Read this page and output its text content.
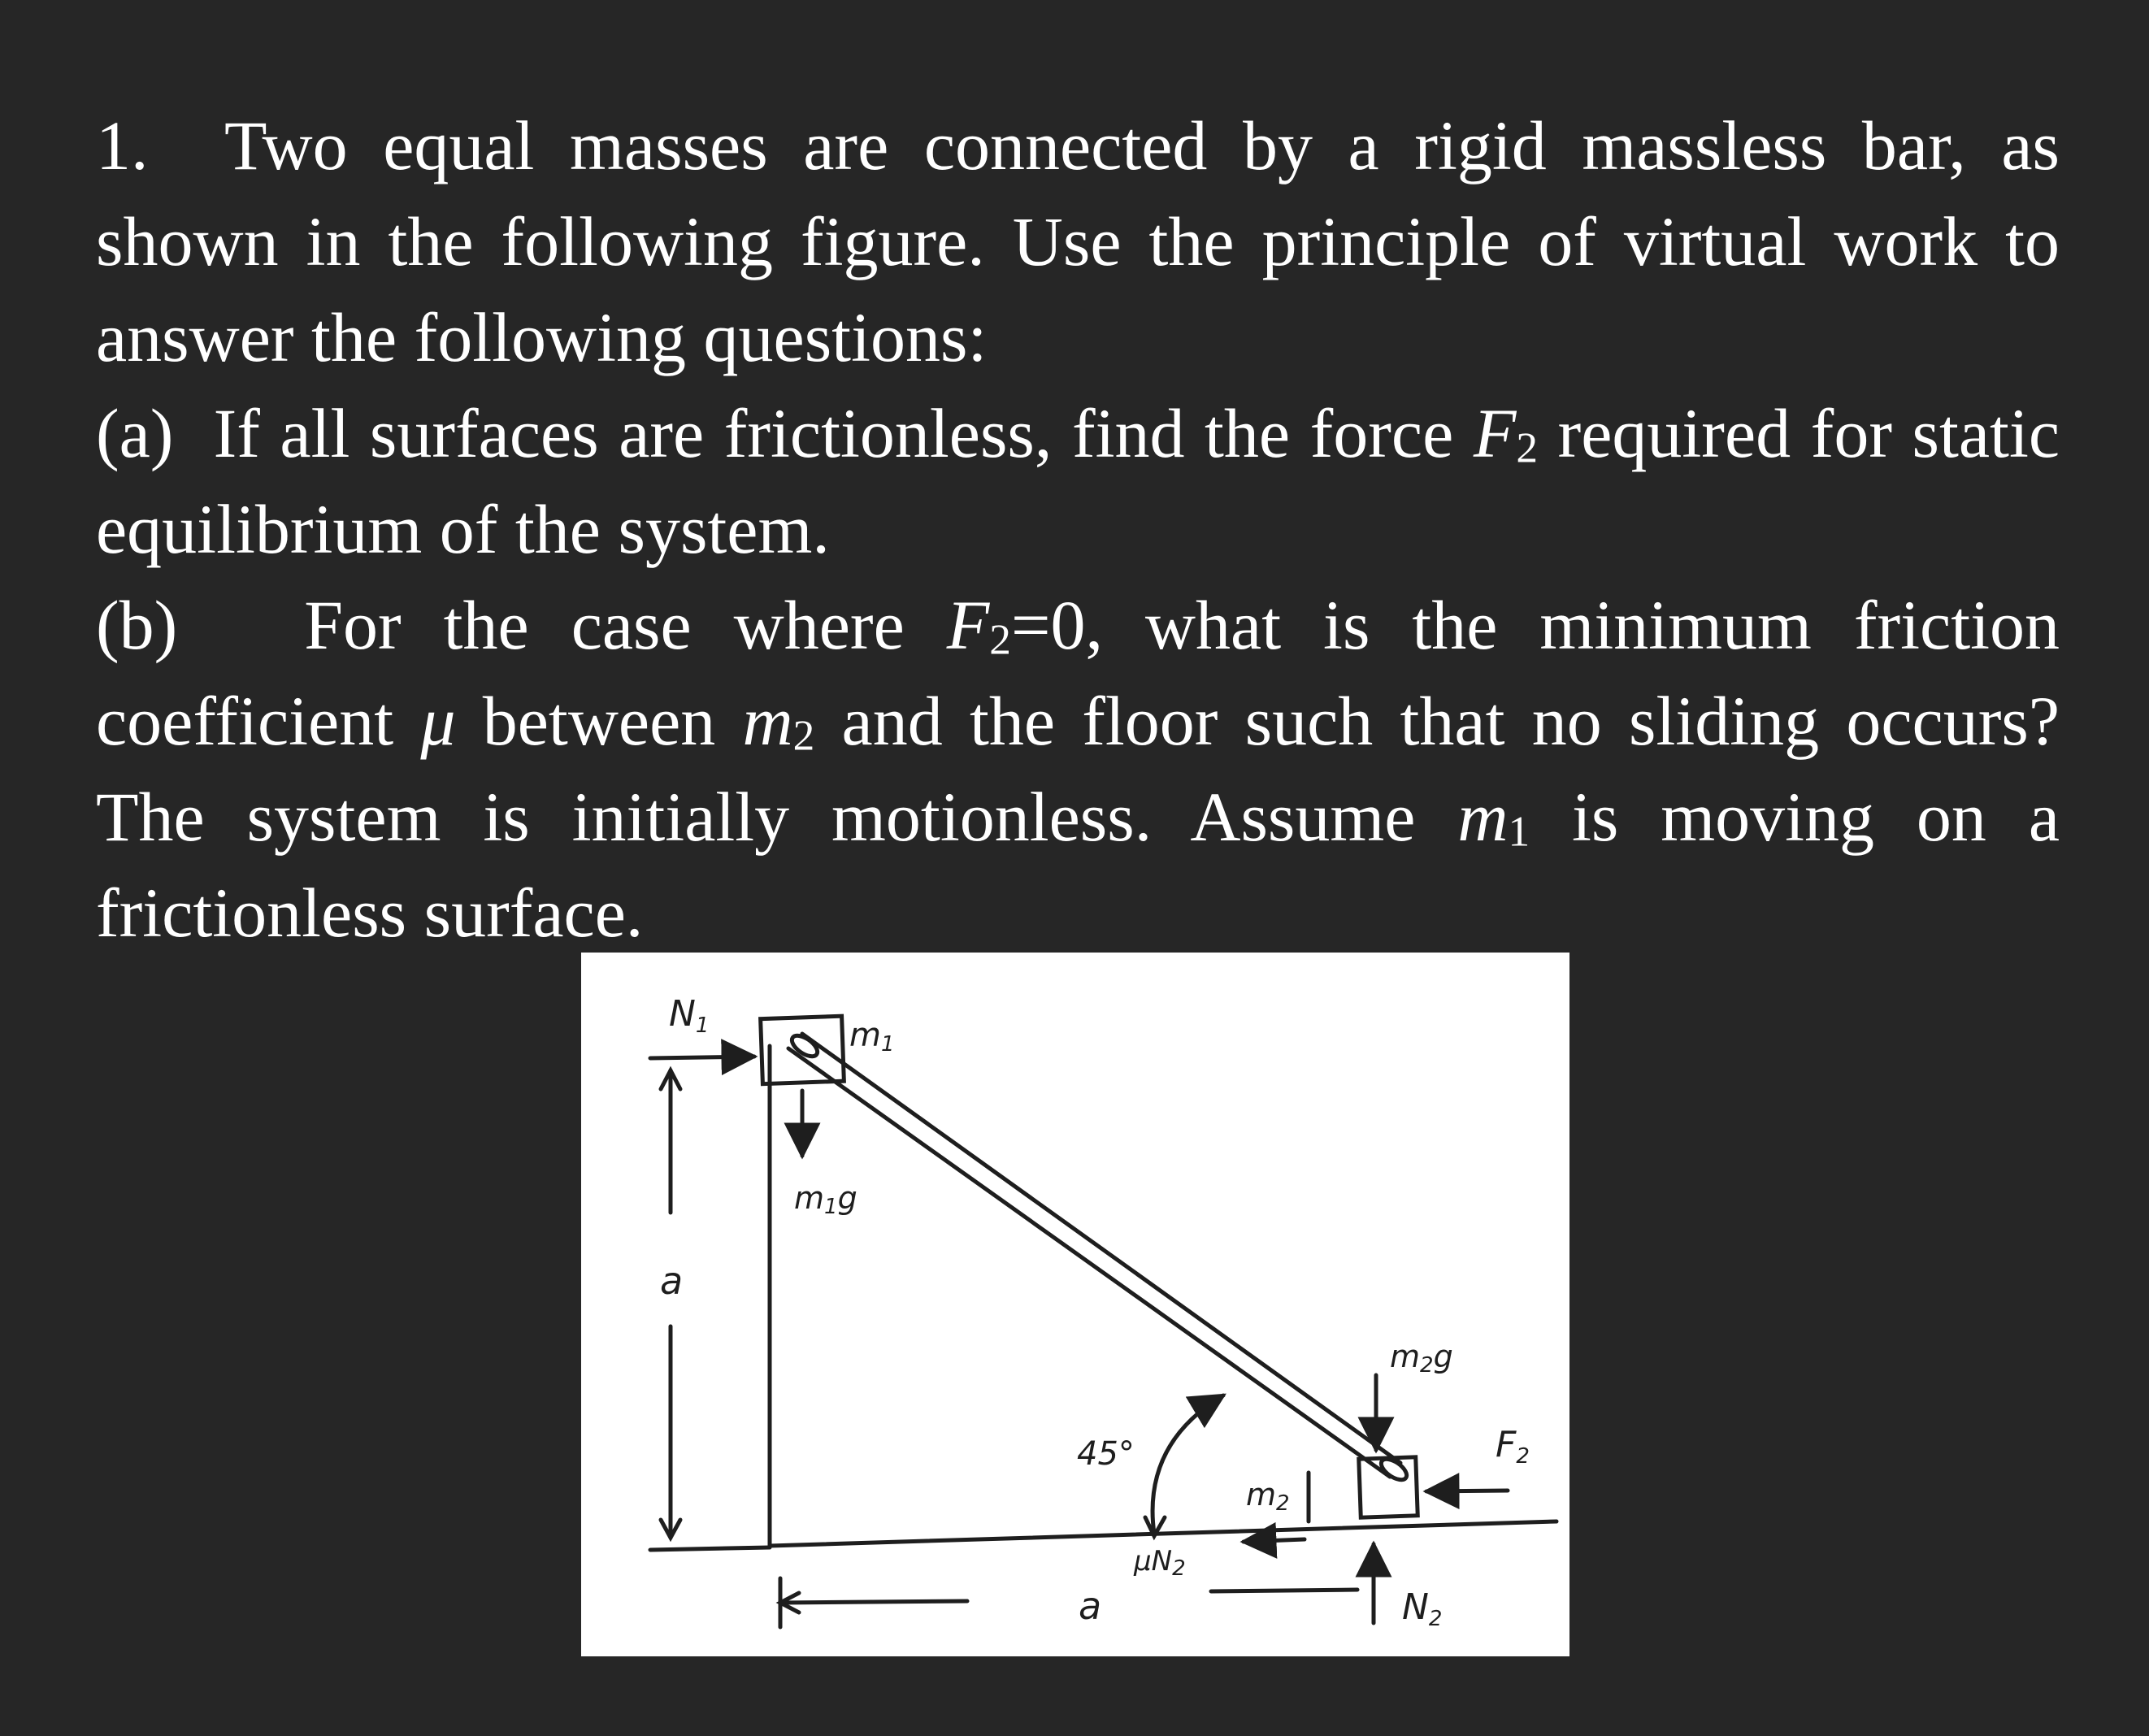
1. Two equal masses are connected by a rigid massless bar, as shown in the following figure. Use the principle of virtual work to answer the following questions:

(a) If all surfaces are frictionless, find the force $F_2$ required for static equilibrium of the system.

(b) For the case where $F_2=0$, what is the minimum friction coefficient μ between $m_2$ and the floor such that no sliding occurs? The system is initially motionless. Assume $m_1$ is moving on a frictionless surface.

N1	m1
m1g
a
45°
m2
m2g
F2
μN2
a	N2
